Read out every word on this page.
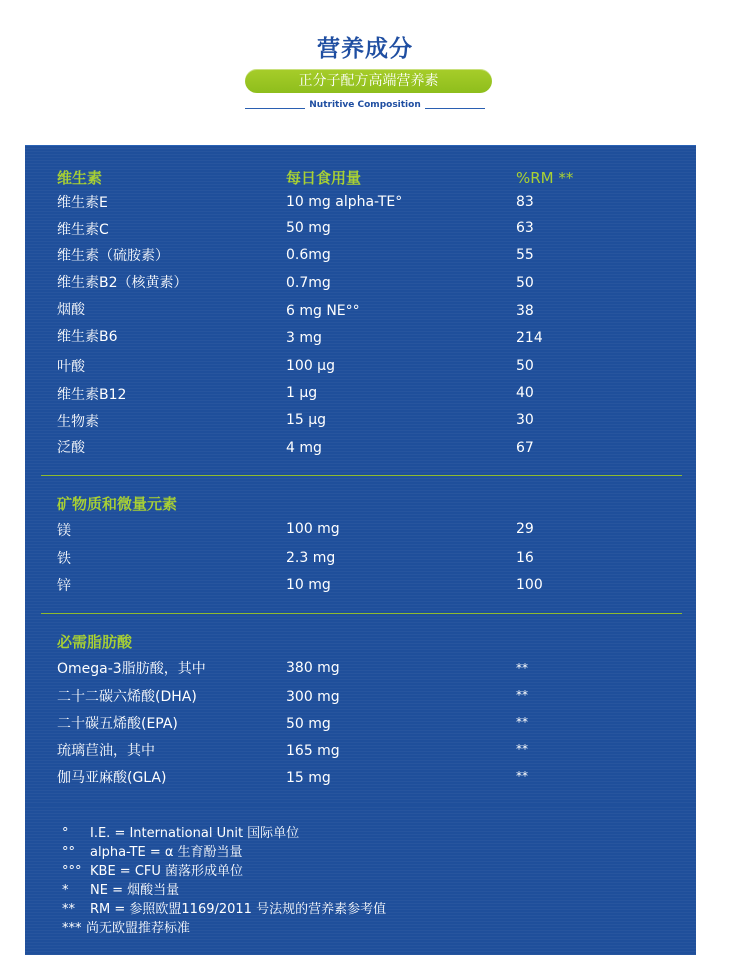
营养成分
正分子配方高端营养素
Nutritive Composition
维生素	每日食用量	%RM **
维生素E	10 mg alpha-TE°	83
维生素C	50 mg	63
维生素（硫胺素）	0.6mg	55
维生素B2（核黄素）	0.7mg	50
烟酸	6 mg NE°°	38
维生素B6	3 mg	214
叶酸	100 µg	50
维生素B12	1 µg	40
生物素	15 µg	30
泛酸	4 mg	67
矿物质和微量元素
镁	100 mg	29
铁	2.3 mg	16
锌	10 mg	100
必需脂肪酸
Omega-3脂肪酸，其中	380 mg	**
二十二碳六烯酸(DHA)	300 mg	**
二十碳五烯酸(EPA)	50 mg	**
琉璃苣油，其中	165 mg	**
伽马亚麻酸(GLA)	15 mg	**
° I.E. = International Unit 国际单位
°° alpha-TE = α 生育酚当量
°°° KBE = CFU 菌落形成单位
* NE = 烟酸当量
** RM = 参照欧盟1169/2011 号法规的营养素参考值
*** 尚无欧盟推荐标准
